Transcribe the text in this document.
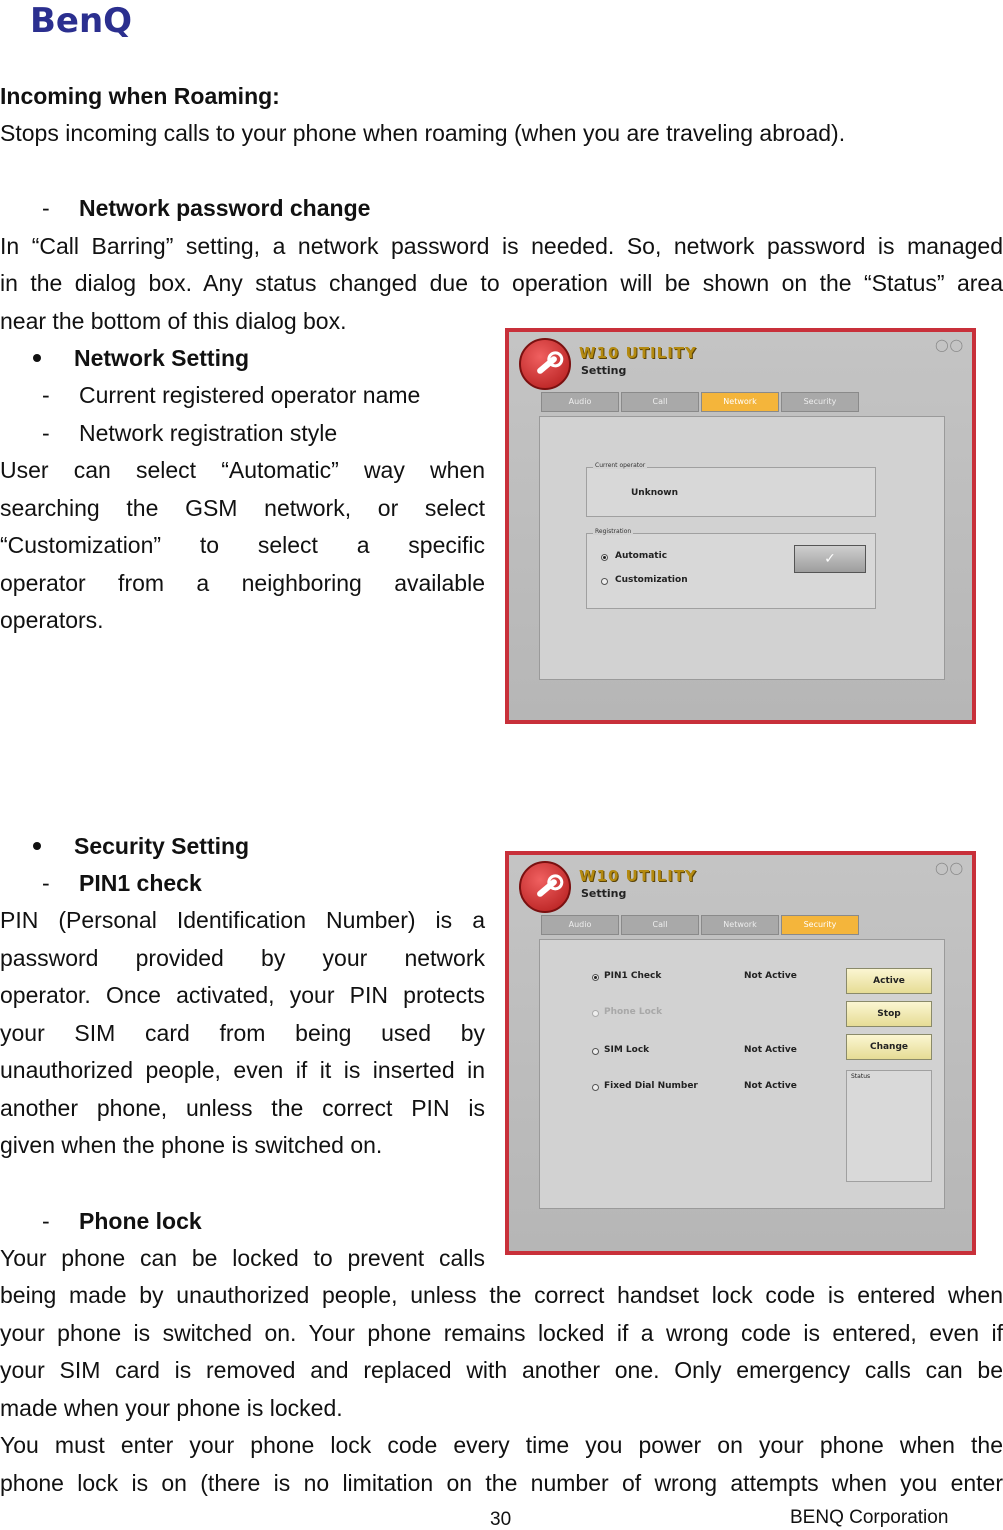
BenQ
Incoming when Roaming:
Stops incoming calls to your phone when roaming (when you are traveling abroad).
- Network password change
In “Call Barring” setting, a network password is needed. So, network password is managed
in the dialog box. Any status changed due to operation will be shown on the “Status” area
near the bottom of this dialog box.
Network Setting
- Current registered operator name
- Network registration style
User can select “Automatic” way when
searching the GSM network, or select
“Customization” to select a specific
operator from a neighboring available
operators.
W10 UTILITY
Setting
◯◯
Audio	Call	Network	Security
Current operator
Unknown
Registration
Automatic
Customization
✓
Security Setting
- PIN1 check
PIN (Personal Identification Number) is a
password provided by your network
operator. Once activated, your PIN protects
your SIM card from being used by
unauthorized people, even if it is inserted in
another phone, unless the correct PIN is
given when the phone is switched on.
- Phone lock
Your phone can be locked to prevent calls
being made by unauthorized people, unless the correct handset lock code is entered when
your phone is switched on. Your phone remains locked if a wrong code is entered, even if
your SIM card is removed and replaced with another one. Only emergency calls can be
made when your phone is locked.
You must enter your phone lock code every time you power on your phone when the
phone lock is on (there is no limitation on the number of wrong attempts when you enter
W10 UTILITY
Setting
◯◯
Audio	Call	Network	Security
PIN1 Check	Not Active
Phone Lock
SIM Lock	Not Active
Fixed Dial Number	Not Active
Active
Stop
Change
Status
30	BENQ Corporation
